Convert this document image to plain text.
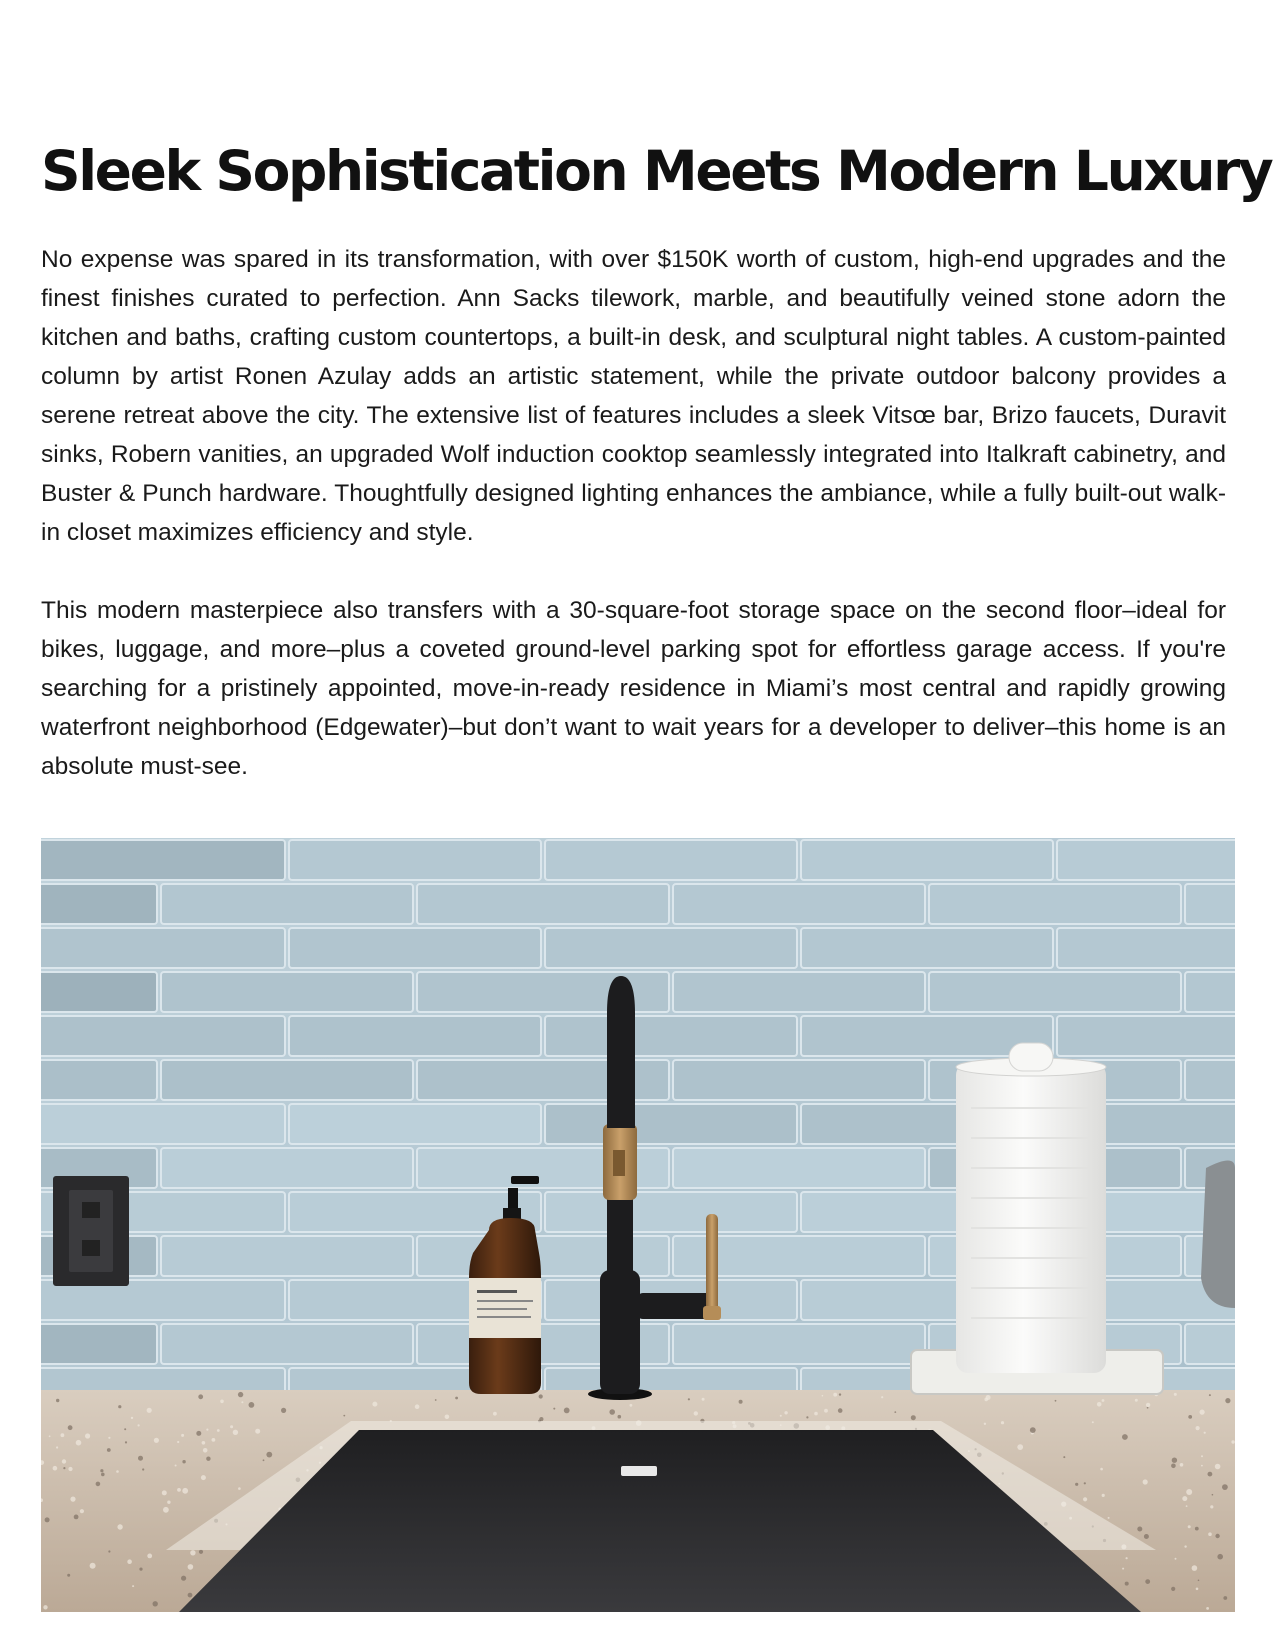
Sleek Sophistication Meets Modern Luxury

No expense was spared in its transformation, with over $150K worth of custom, high-end upgrades and the finest finishes curated to perfection. Ann Sacks tilework, marble, and beautifully veined stone adorn the kitchen and baths, crafting custom countertops, a built-in desk, and sculptural night tables. A custom-painted column by artist Ronen Azulay adds an artistic statement, while the private outdoor balcony provides a serene retreat above the city. The extensive list of features includes a sleek Vitsœ bar, Brizo faucets, Duravit sinks, Robern vanities, an upgraded Wolf induction cooktop seamlessly integrated into Italkraft cabinetry, and Buster & Punch hardware. Thoughtfully designed lighting enhances the ambiance, while a fully built-out walk-in closet maximizes efficiency and style.

This modern masterpiece also transfers with a 30-square-foot storage space on the second floor–ideal for bikes, luggage, and more–plus a coveted ground-level parking spot for effortless garage access. If you're searching for a pristinely appointed, move-in-ready residence in Miami’s most central and rapidly growing waterfront neighborhood (Edgewater)–but don’t want to wait years for a developer to deliver–this home is an absolute must-see.
